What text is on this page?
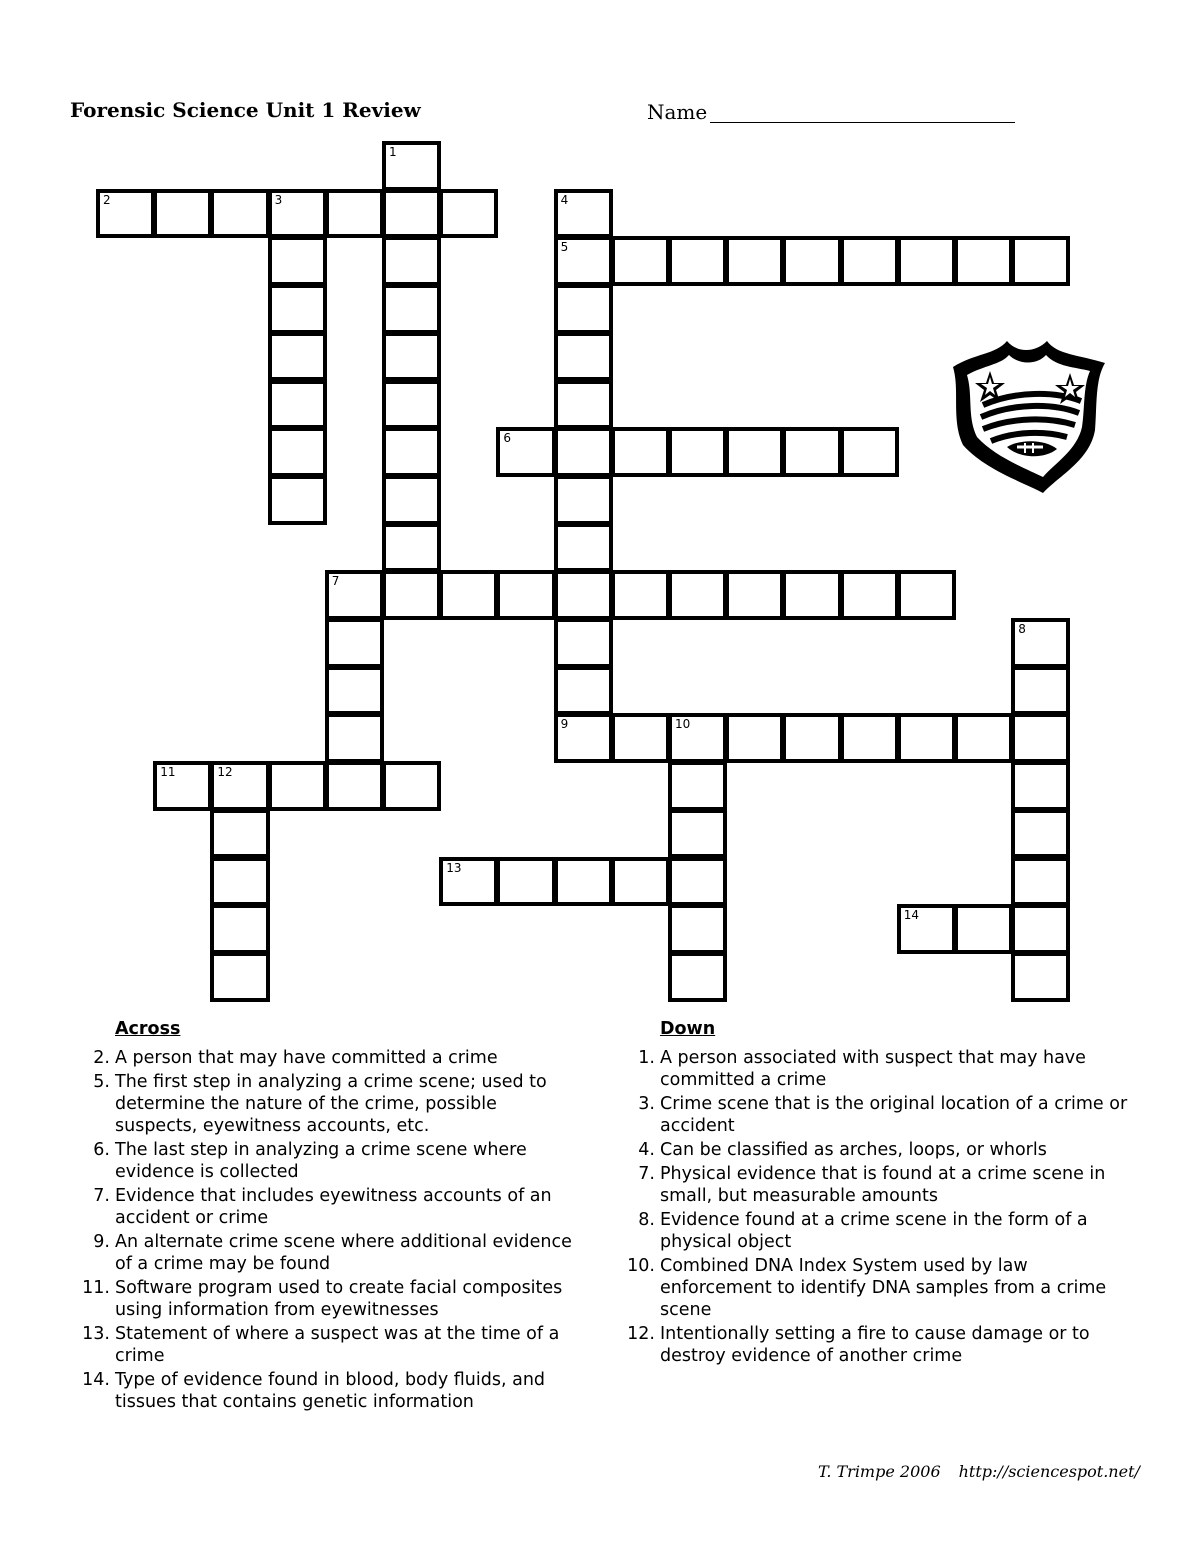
Forensic Science Unit 1 Review	Name
1
2	3	4
5
9
6
7
8
10
11	12
13
14
Across
2. A person that may have committed a crime
5. The first step in analyzing a crime scene; used to determine the nature of the crime, possible suspects, eyewitness accounts, etc.
6. The last step in analyzing a crime scene where evidence is collected
7. Evidence that includes eyewitness accounts of an accident or crime
9. An alternate crime scene where additional evidence of a crime may be found
11. Software program used to create facial composites using information from eyewitnesses
13. Statement of where a suspect was at the time of a crime
14. Type of evidence found in blood, body fluids, and tissues that contains genetic information
Down
1. A person associated with suspect that may have committed a crime
3. Crime scene that is the original location of a crime or accident
4. Can be classified as arches, loops, or whorls
7. Physical evidence that is found at a crime scene in small, but measurable amounts
8. Evidence found at a crime scene in the form of a physical object
10. Combined DNA Index System used by law enforcement to identify DNA samples from a crime scene
12. Intentionally setting a fire to cause damage or to destroy evidence of another crime
T. Trimpe 2006 http://sciencespot.net/
